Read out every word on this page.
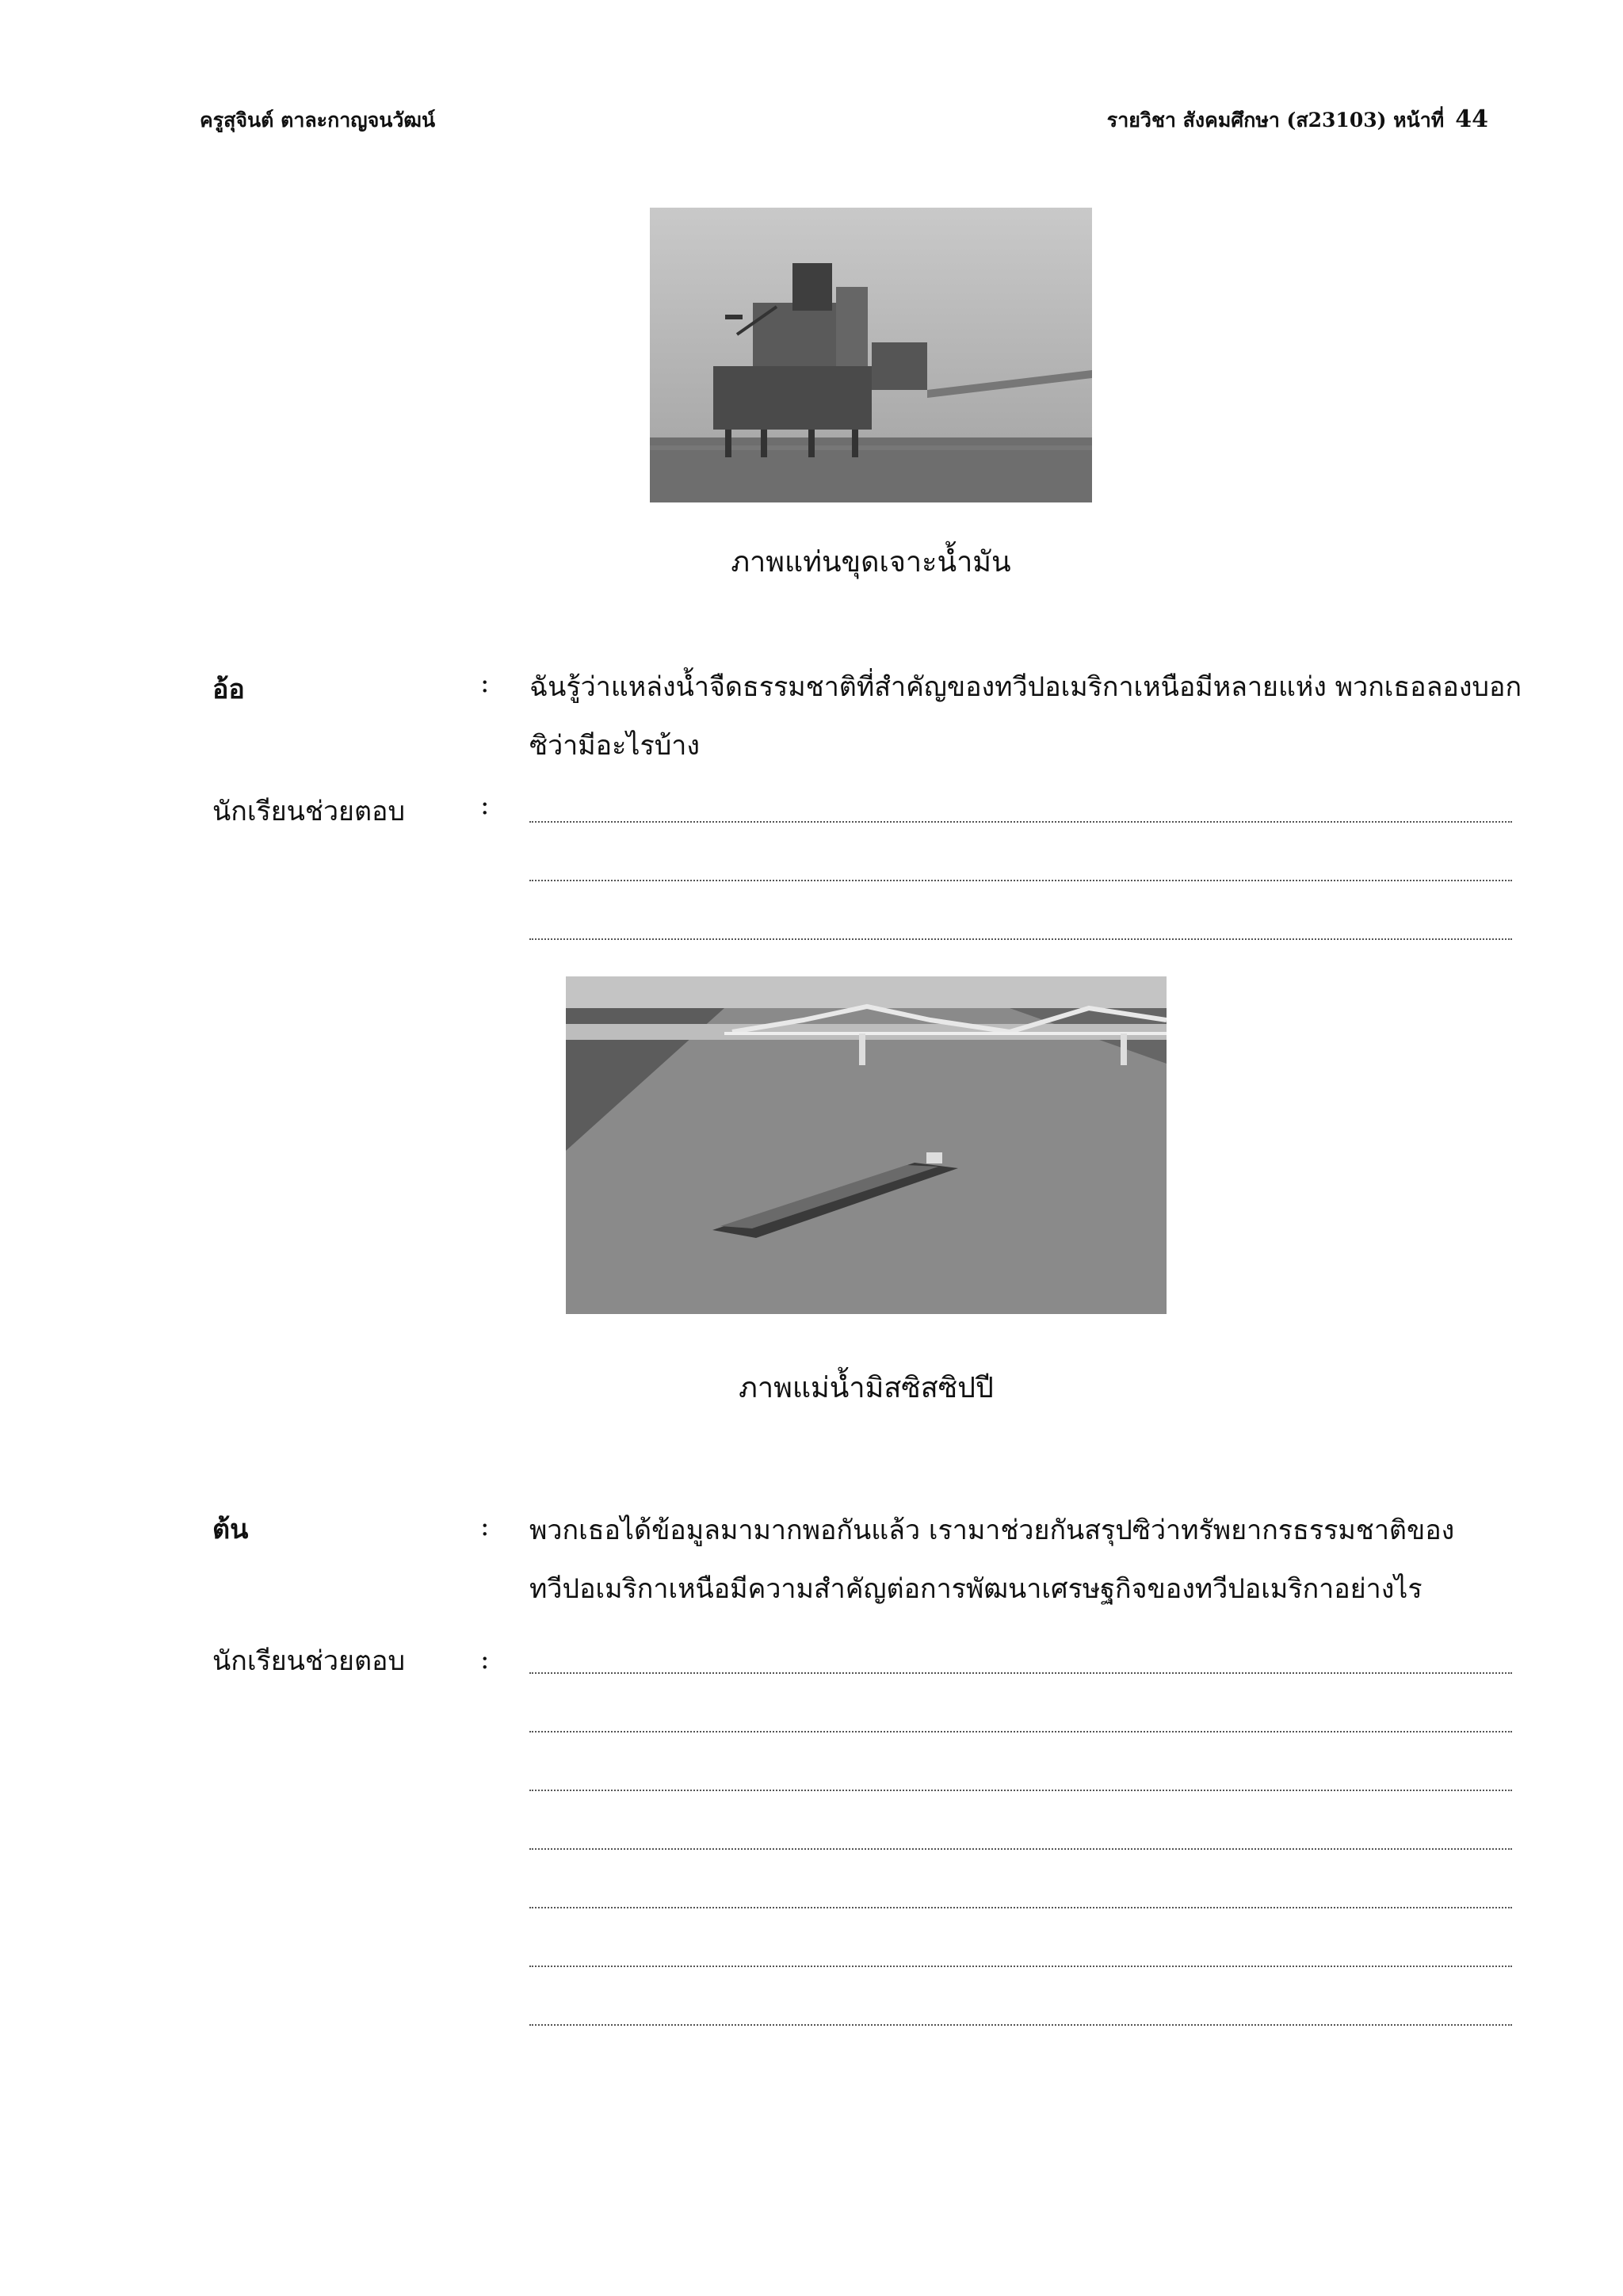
ครูสุจินต์ ตาละกาญจนวัฒน์	รายวิชา สังคมศึกษา (ส23103) หน้าที่ 44
ภาพแท่นขุดเจาะน้ำมัน
อ้อ	: ฉันรู้ว่าแหล่งน้ำจืดธรรมชาติที่สำคัญของทวีปอเมริกาเหนือมีหลายแห่ง พวกเธอลองบอก
ซิว่ามีอะไรบ้าง
นักเรียนช่วยตอบ	:
ภาพแม่น้ำมิสซิสซิปปี
ต้น	: พวกเธอได้ข้อมูลมามากพอกันแล้ว เรามาช่วยกันสรุปซิว่าทรัพยากรธรรมชาติของ
ทวีปอเมริกาเหนือมีความสำคัญต่อการพัฒนาเศรษฐกิจของทวีปอเมริกาอย่างไร
นักเรียนช่วยตอบ	:
